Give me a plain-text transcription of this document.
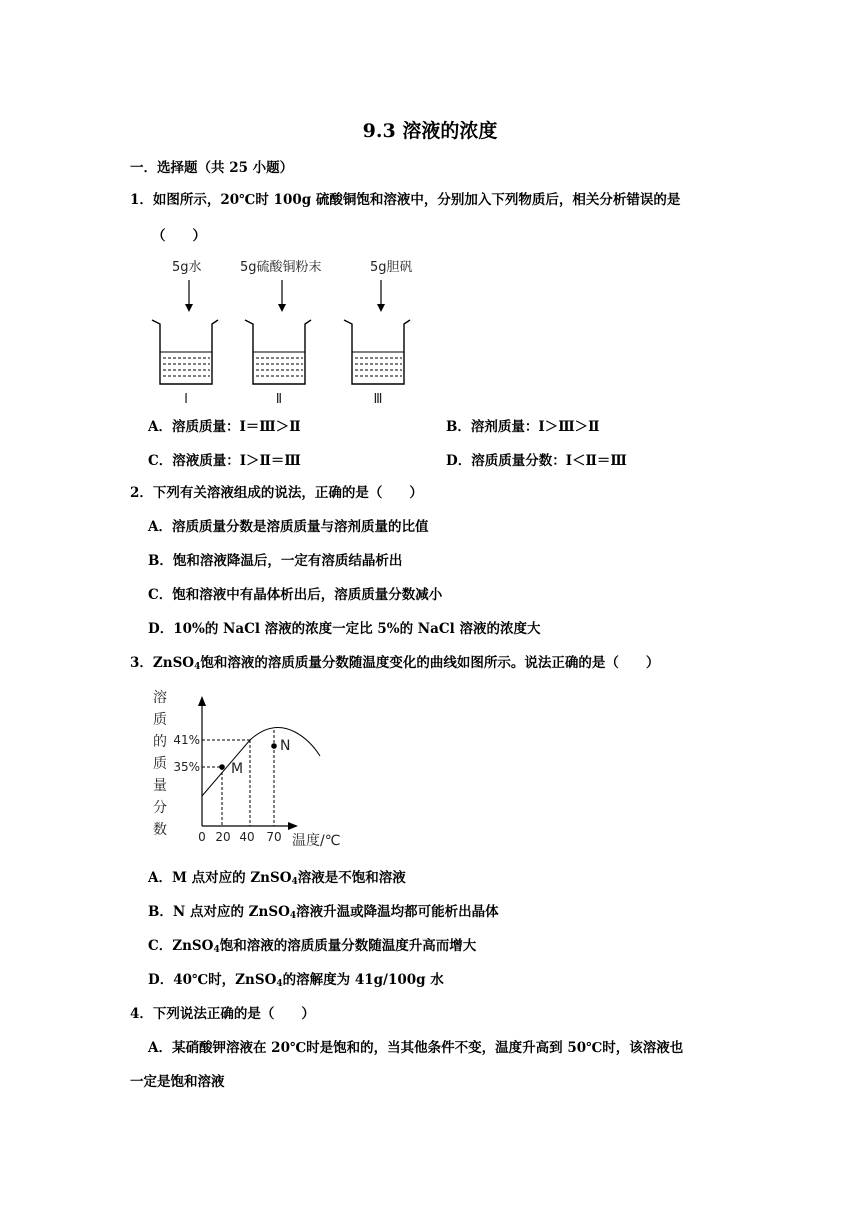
9.3 溶液的浓度
一．选择题（共 25 小题）
1．如图所示，20℃时 100g 硫酸铜饱和溶液中，分别加入下列物质后，相关分析错误的是
（　　）
5g水	5g硫酸铜粉末	5g胆矾
Ⅰ	Ⅱ	Ⅲ
A．溶质质量：Ⅰ＝Ⅲ＞Ⅱ	B．溶剂质量：Ⅰ＞Ⅲ＞Ⅱ
C．溶液质量：Ⅰ＞Ⅱ＝Ⅲ	D．溶质质量分数：Ⅰ＜Ⅱ＝Ⅲ
2．下列有关溶液组成的说法，正确的是（　　）
A．溶质质量分数是溶质质量与溶剂质量的比值
B．饱和溶液降温后，一定有溶质结晶析出
C．饱和溶液中有晶体析出后，溶质质量分数减小
D．10%的 NaCl 溶液的浓度一定比 5%的 NaCl 溶液的浓度大
3．ZnSO$_4$饱和溶液的溶质质量分数随温度变化的曲线如图所示。说法正确的是（　　）
溶
质
的
质
量
分
数
M
N
41%
35%
0 20 40 70 温度/℃
A．M 点对应的 ZnSO$_4$溶液是不饱和溶液
B．N 点对应的 ZnSO$_4$溶液升温或降温均都可能析出晶体
C．ZnSO$_4$饱和溶液的溶质质量分数随温度升高而增大
D．40℃时，ZnSO$_4$的溶解度为 41g/100g 水
4．下列说法正确的是（　　）
A．某硝酸钾溶液在 20℃时是饱和的，当其他条件不变，温度升高到 50℃时，该溶液也
一定是饱和溶液
